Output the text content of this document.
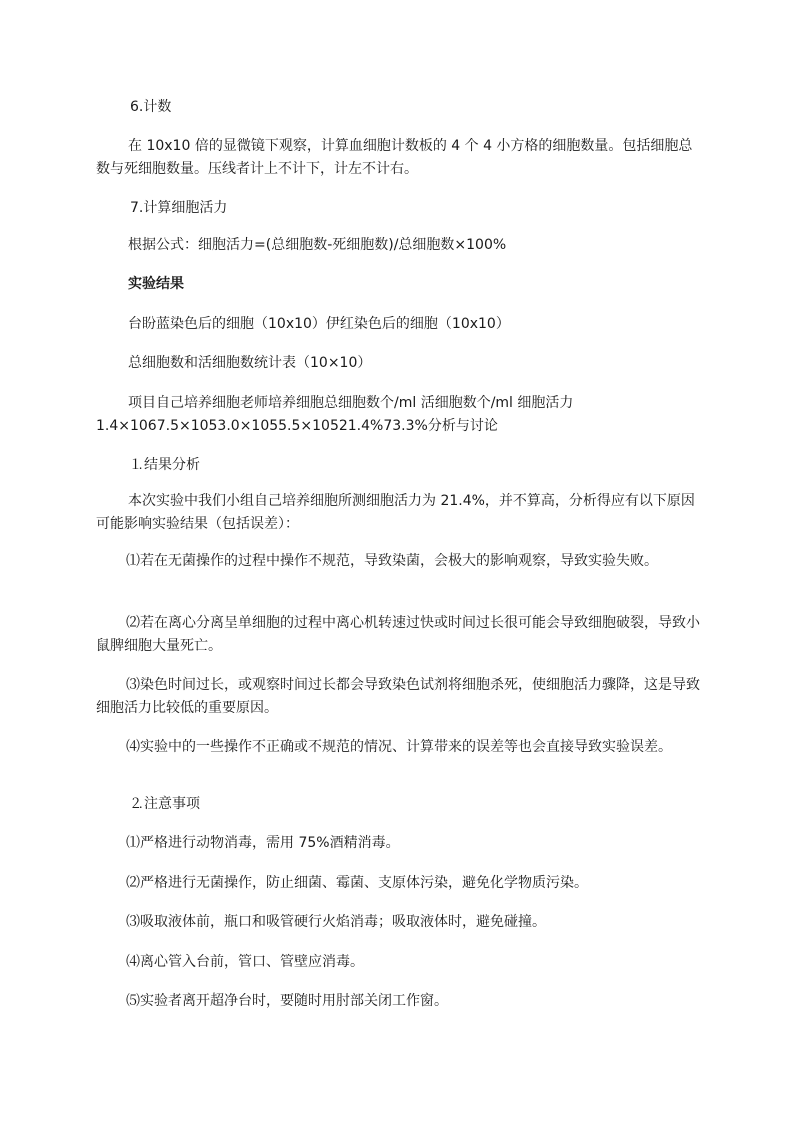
6.计数

在 10x10 倍的显微镜下观察，计算血细胞计数板的 4 个 4 小方格的细胞数量。包括细胞总数与死细胞数量。压线者计上不计下，计左不计右。

7.计算细胞活力

根据公式：细胞活力=(总细胞数-死细胞数)/总细胞数×100%

实验结果

台盼蓝染色后的细胞（10x10）伊红染色后的细胞（10x10）

总细胞数和活细胞数统计表（10×10）

项目自己培养细胞老师培养细胞总细胞数个/ml 活细胞数个/ml 细胞活力 1.4×1067.5×1053.0×1055.5×10521.4%73.3%分析与讨论

⒈结果分析

本次实验中我们小组自己培养细胞所测细胞活力为 21.4%，并不算高，分析得应有以下原因可能影响实验结果（包括误差）：

⑴若在无菌操作的过程中操作不规范，导致染菌，会极大的影响观察，导致实验失败。

⑵若在离心分离呈单细胞的过程中离心机转速过快或时间过长很可能会导致细胞破裂，导致小鼠脾细胞大量死亡。

⑶染色时间过长，或观察时间过长都会导致染色试剂将细胞杀死，使细胞活力骤降，这是导致细胞活力比较低的重要原因。

⑷实验中的一些操作不正确或不规范的情况、计算带来的误差等也会直接导致实验误差。

⒉注意事项

⑴严格进行动物消毒，需用 75%酒精消毒。

⑵严格进行无菌操作，防止细菌、霉菌、支原体污染，避免化学物质污染。

⑶吸取液体前，瓶口和吸管硬行火焰消毒；吸取液体时，避免碰撞。

⑷离心管入台前，管口、管壁应消毒。

⑸实验者离开超净台时，要随时用肘部关闭工作窗。
